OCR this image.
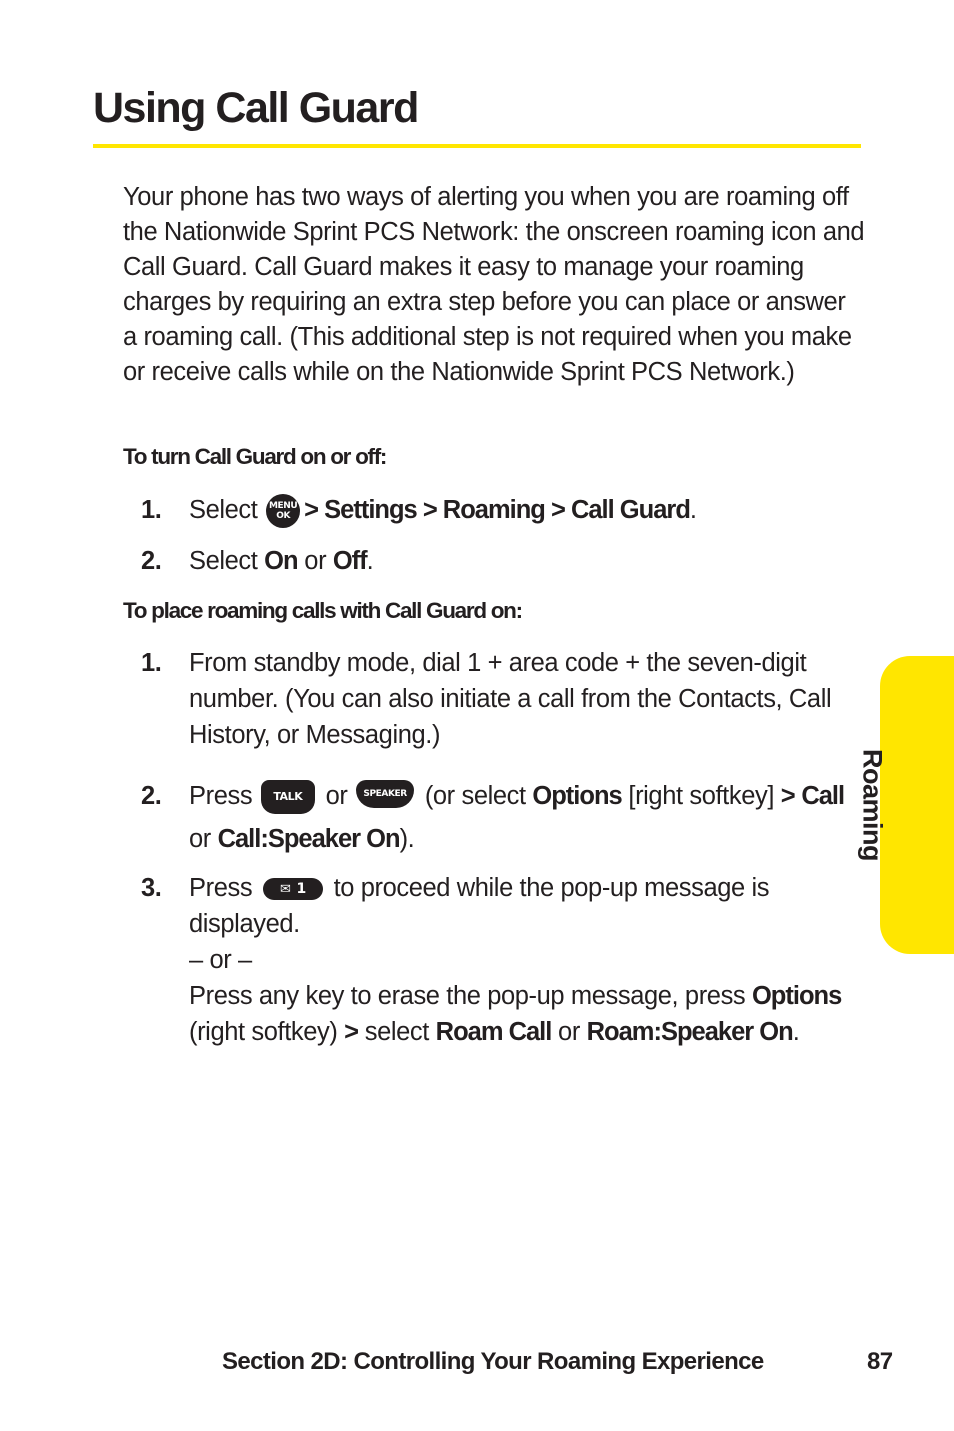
Using Call Guard

Your phone has two ways of alerting you when you are roaming off the Nationwide Sprint PCS Network: the onscreen roaming icon and Call Guard. Call Guard makes it easy to manage your roaming charges by requiring an extra step before you can place or answer a roaming call. (This additional step is not required when you make or receive calls while on the Nationwide Sprint PCS Network.)

To turn Call Guard on or off:

1. Select MENU
OK > Settings > Roaming > Call Guard.
2. Select On or Off.

To place roaming calls with Call Guard on:

1. From standby mode, dial 1 + area code + the seven-digit number. (You can also initiate a call from the Contacts, Call History, or Messaging.)
2. Press TALK or SPEAKER (or select Options [right softkey] > Call or Call:Speaker On).
3. Press ✉ 1 to proceed while the pop-up message is displayed.
– or –
Press any key to erase the pop-up message, press Options (right softkey) > select Roam Call or Roam:Speaker On.
Roaming
Section 2D: Controlling Your Roaming Experience	87
